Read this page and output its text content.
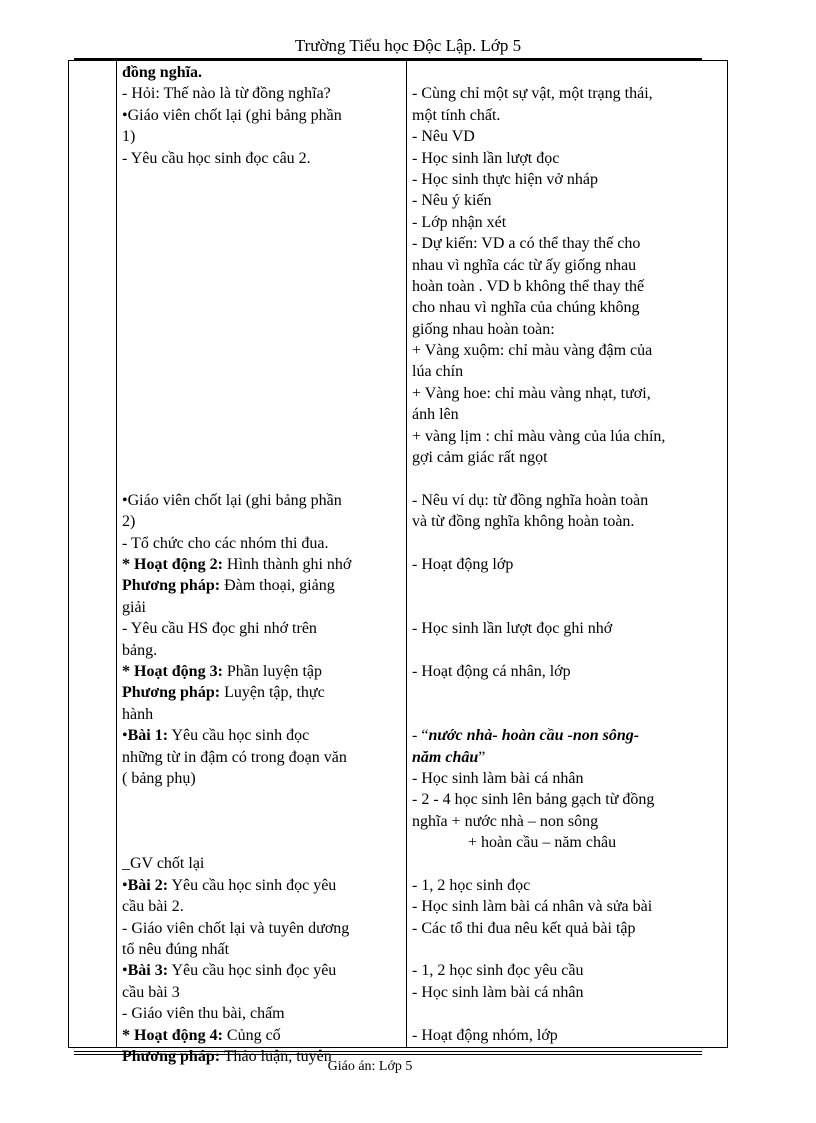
Trường Tiểu học Độc Lập. Lớp 5
đồng nghĩa.
- Hỏi: Thế nào là từ đồng nghĩa?
• Giáo viên chốt lại (ghi bảng phần
1)
- Yêu cầu học sinh đọc câu 2.
• Giáo viên chốt lại (ghi bảng phần
2)
- Tổ chức cho các nhóm thi đua.
* Hoạt động 2: Hình thành ghi nhớ
Phương pháp: Đàm thoại, giảng
giải
- Yêu cầu HS đọc ghi nhớ trên
bảng.
* Hoạt động 3: Phần luyện tập
Phương pháp: Luyện tập, thực
hành
• Bài 1: Yêu cầu học sinh đọc
những từ in đậm có trong đoạn văn
( bảng phụ)
_GV chốt lại
• Bài 2: Yêu cầu học sinh đọc yêu
cầu bài 2.
- Giáo viên chốt lại và tuyên dương
tổ nêu đúng nhất
• Bài 3: Yêu cầu học sinh đọc yêu
cầu bài 3
- Giáo viên thu bài, chấm
* Hoạt động 4: Củng cố
Phương pháp: Thảo luận, tuyên
- Cùng chỉ một sự vật, một trạng thái,
một tính chất.
- Nêu VD
- Học sinh lần lượt đọc
- Học sinh thực hiện vở nháp
- Nêu ý kiến
- Lớp nhận xét
- Dự kiến: VD a có thể thay thế cho
nhau vì nghĩa các từ ấy giống nhau
hoàn toàn . VD b không thể thay thế
cho nhau vì nghĩa của chúng không
giống nhau hoàn toàn:
+ Vàng xuộm: chỉ màu vàng đậm của
lúa chín
+ Vàng hoe: chỉ màu vàng nhạt, tươi,
ánh lên
+ vàng lịm : chỉ màu vàng của lúa chín,
gợi cảm giác rất ngọt
- Nêu ví dụ: từ đồng nghĩa hoàn toàn
và từ đồng nghĩa không hoàn toàn.
- Hoạt động lớp
- Học sinh lần lượt đọc ghi nhớ
- Hoạt động cá nhân, lớp
- “nước nhà- hoàn cầu -non sông-
năm châu”
- Học sinh làm bài cá nhân
- 2 - 4 học sinh lên bảng gạch từ đồng
nghĩa + nước nhà – non sông
+ hoàn cầu – năm châu
- 1, 2 học sinh đọc
- Học sinh làm bài cá nhân và sửa bài
- Các tổ thi đua nêu kết quả bài tập
- 1, 2 học sinh đọc yêu cầu
- Học sinh làm bài cá nhân
- Hoạt động nhóm, lớp
Giáo án: Lớp 5
